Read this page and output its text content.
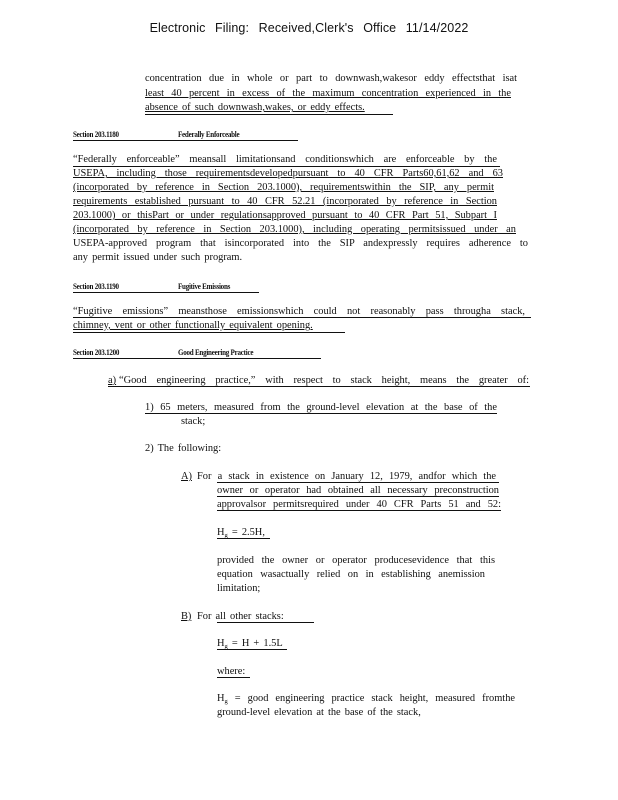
Electronic Filing: Received,Clerk's Office 11/14/2022

concentration due in whole or part to downwash,wakesor eddy effectsthat isat

least 40 percent in excess of the maximum concentration experienced in the

absence of such downwash,wakes, or eddy effects.

Section 203.1180	Federally Enforceable

“Federally enforceable” meansall limitationsand conditionswhich are enforceable by the

USEPA, including those requirementsdevelopedpursuant to 40 CFR Parts60,61,62 and 63

(incorporated by reference in Section 203.1000), requirementswithin the SIP, any permit

requirements established pursuant to 40 CFR 52.21 (incorporated by reference in Section

203.1000) or thisPart or under regulationsapproved pursuant to 40 CFR Part 51, Subpart I

(incorporated by reference in Section 203.1000), including operating permitsissued under an

USEPA-approved program that isincorporated into the SIP andexpressly requires adherence to

any permit issued under such program.

Section 203.1190	Fugitive Emissions

“Fugitive emissions” meansthose emissionswhich could not reasonably pass througha stack,

chimney, vent or other functionally equivalent opening.

Section 203.1200	Good Engineering Practice

a) “Good engineering practice,” with respect to stack height, means the greater of:

1) 65 meters, measured from the ground-level elevation at the base of the

stack;

2) The following:

A) For a stack in existence on January 12, 1979, andfor which the

owner or operator had obtained all necessary preconstruction

approvalsor permitsrequired under 40 CFR Parts 51 and 52:

$H_g = 2.5H$,

provided the owner or operator producesevidence that this

equation wasactually relied on in establishing anemission

limitation;

B) For all other stacks:

$H_g = H + 1.5L$

where:

$H_g$ = good engineering practice stack height, measured fromthe

ground-level elevation at the base of the stack,
